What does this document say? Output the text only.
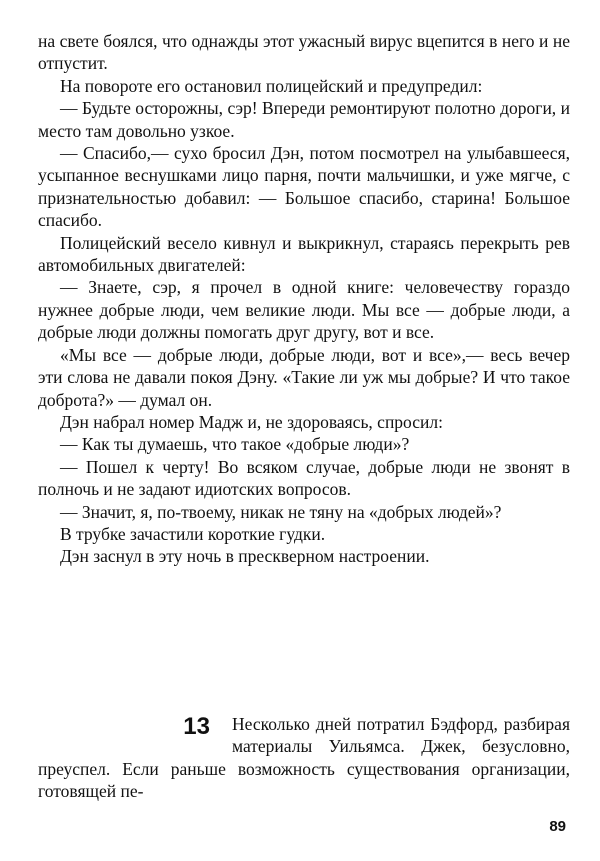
на свете боялся, что однажды этот ужасный вирус вцепится в него и не отпустит.

На повороте его остановил полицейский и предупредил:

— Будьте осторожны, сэр! Впереди ремонтируют полотно дороги, и место там довольно узкое.

— Спасибо,— сухо бросил Дэн, потом посмотрел на улыбавшееся, усыпанное веснушками лицо парня, почти мальчишки, и уже мягче, с признательностью добавил: — Большое спасибо, старина! Большое спасибо.

Полицейский весело кивнул и выкрикнул, стараясь перекрыть рев автомобильных двигателей:

— Знаете, сэр, я прочел в одной книге: человечеству гораздо нужнее добрые люди, чем великие люди. Мы все — добрые люди, а добрые люди должны помогать друг другу, вот и все.

«Мы все — добрые люди, добрые люди, вот и все»,— весь вечер эти слова не давали покоя Дэну. «Такие ли уж мы добрые? И что такое доброта?» — думал он.

Дэн набрал номер Мадж и, не здороваясь, спросил:

— Как ты думаешь, что такое «добрые люди»?

— Пошел к черту! Во всяком случае, добрые люди не звонят в полночь и не задают идиотских вопросов.

— Значит, я, по-твоему, никак не тяну на «добрых людей»?

В трубке зачастили короткие гудки.

Дэн заснул в эту ночь в прескверном настроении.

13	Несколько дней потратил Бэдфорд, разбирая материалы Уильямса. Джек, безусловно, преуспел. Если раньше возможность существования организации, готовящей пе-

89
